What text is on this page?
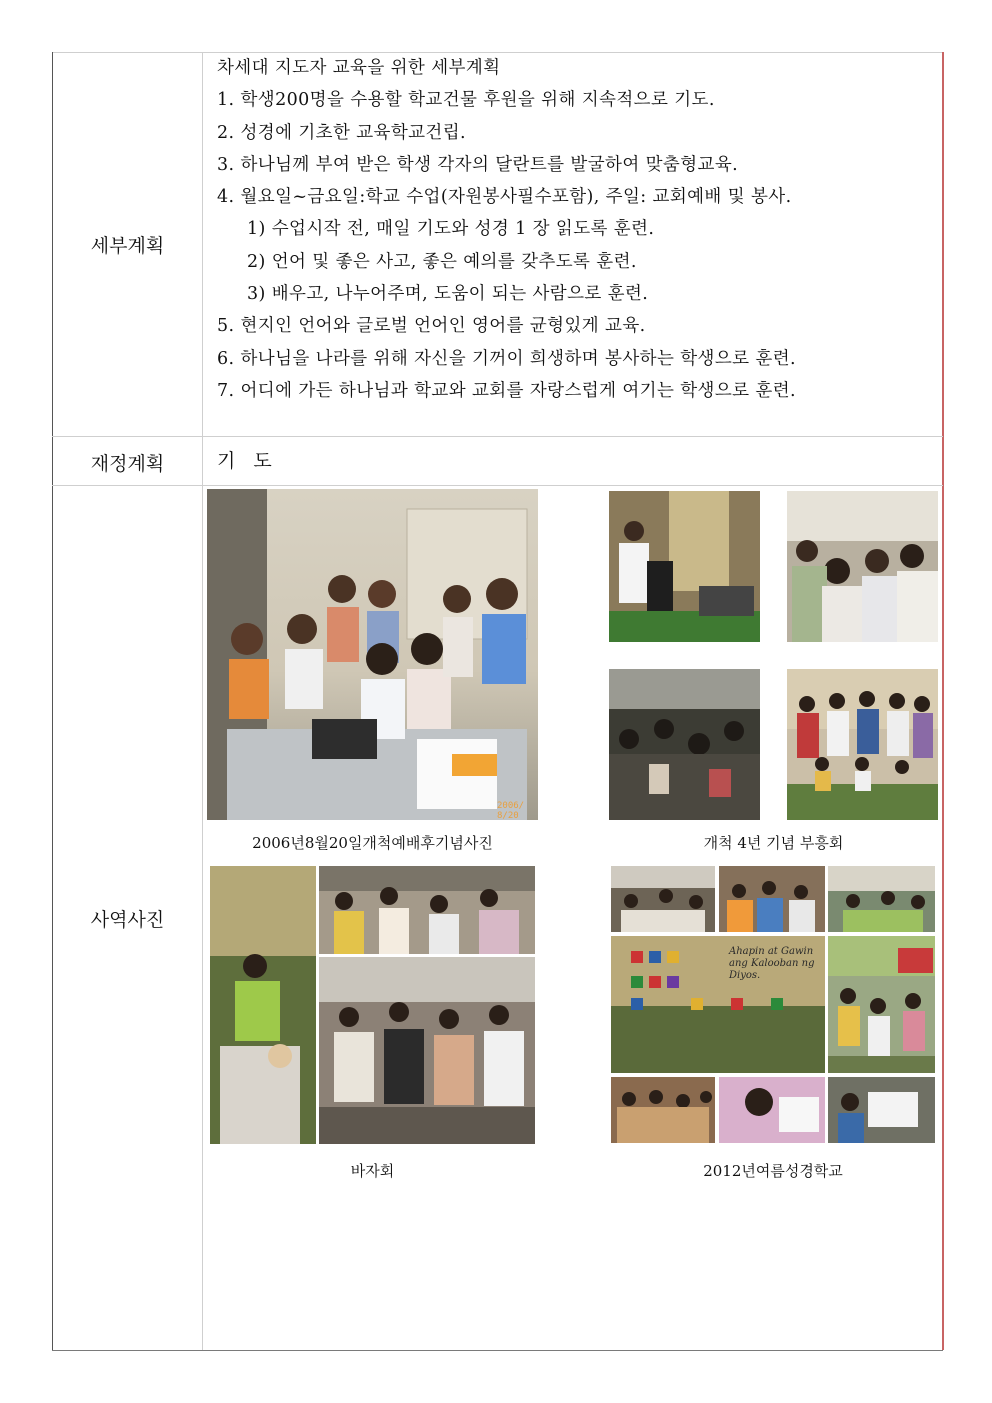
세부계획
재정계획
사역사진
차세대 지도자 교육을 위한 세부계획
1. 학생200명을 수용할 학교건물 후원을 위해 지속적으로 기도.
2. 성경에 기초한 교육학교건립.
3. 하나님께 부여 받은 학생 각자의 달란트를 발굴하여 맞춤형교육.
4. 월요일~금요일:학교 수업(자원봉사필수포함), 주일: 교회예배 및 봉사.
1) 수업시작 전, 매일 기도와 성경 1 장 읽도록 훈련.
2) 언어 및 좋은 사고, 좋은 예의를 갖추도록 훈련.
3) 배우고, 나누어주며, 도움이 되는 사람으로 훈련.
5. 현지인 언어와 글로벌 언어인 영어를 균형있게 교육.
6. 하나님을 나라를 위해 자신을 기꺼이 희생하며 봉사하는 학생으로 훈련.
7. 어디에 가든 하나님과 학교와 교회를 자랑스럽게 여기는 학생으로 훈련.
기 도
2006/ 8/20
2006년8월20일개척예배후기념사진	개척 4년 기념 부흥회
바자회
Ahapin at Gawin ang Kalooban ng Diyos.
2012년여름성경학교
